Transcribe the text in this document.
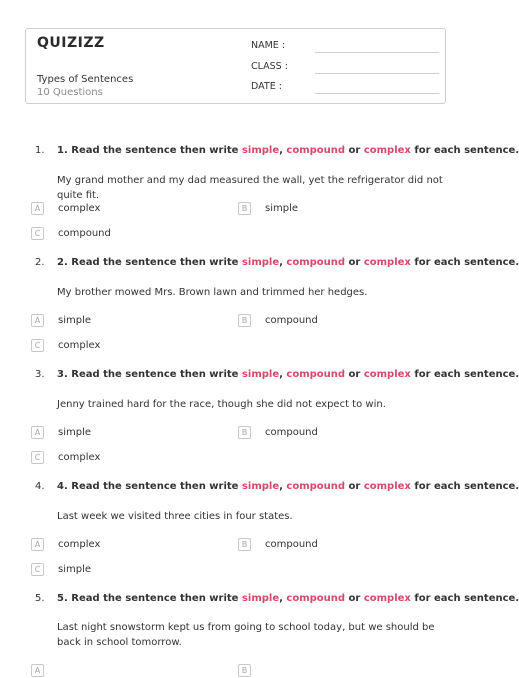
QUIZIZZ
Types of Sentences
10 Questions
NAME :
CLASS :
DATE :
1. 1. Read the sentence then write simple, compound or complex for each sentence.
My grand mother and my dad measured the wall, yet the refrigerator did not quite fit.
A	complex	B	simple
C	compound
2. 2. Read the sentence then write simple, compound or complex for each sentence.
My brother mowed Mrs. Brown lawn and trimmed her hedges.
A	simple	B	compound
C	complex
3. 3. Read the sentence then write simple, compound or complex for each sentence.
Jenny trained hard for the race, though she did not expect to win.
A	simple	B	compound
C	complex
4. 4. Read the sentence then write simple, compound or complex for each sentence.
Last week we visited three cities in four states.
A	complex	B	compound
C	simple
5. 5. Read the sentence then write simple, compound or complex for each sentence.
Last night snowstorm kept us from going to school today, but we should be back in school tomorrow.
A	B
